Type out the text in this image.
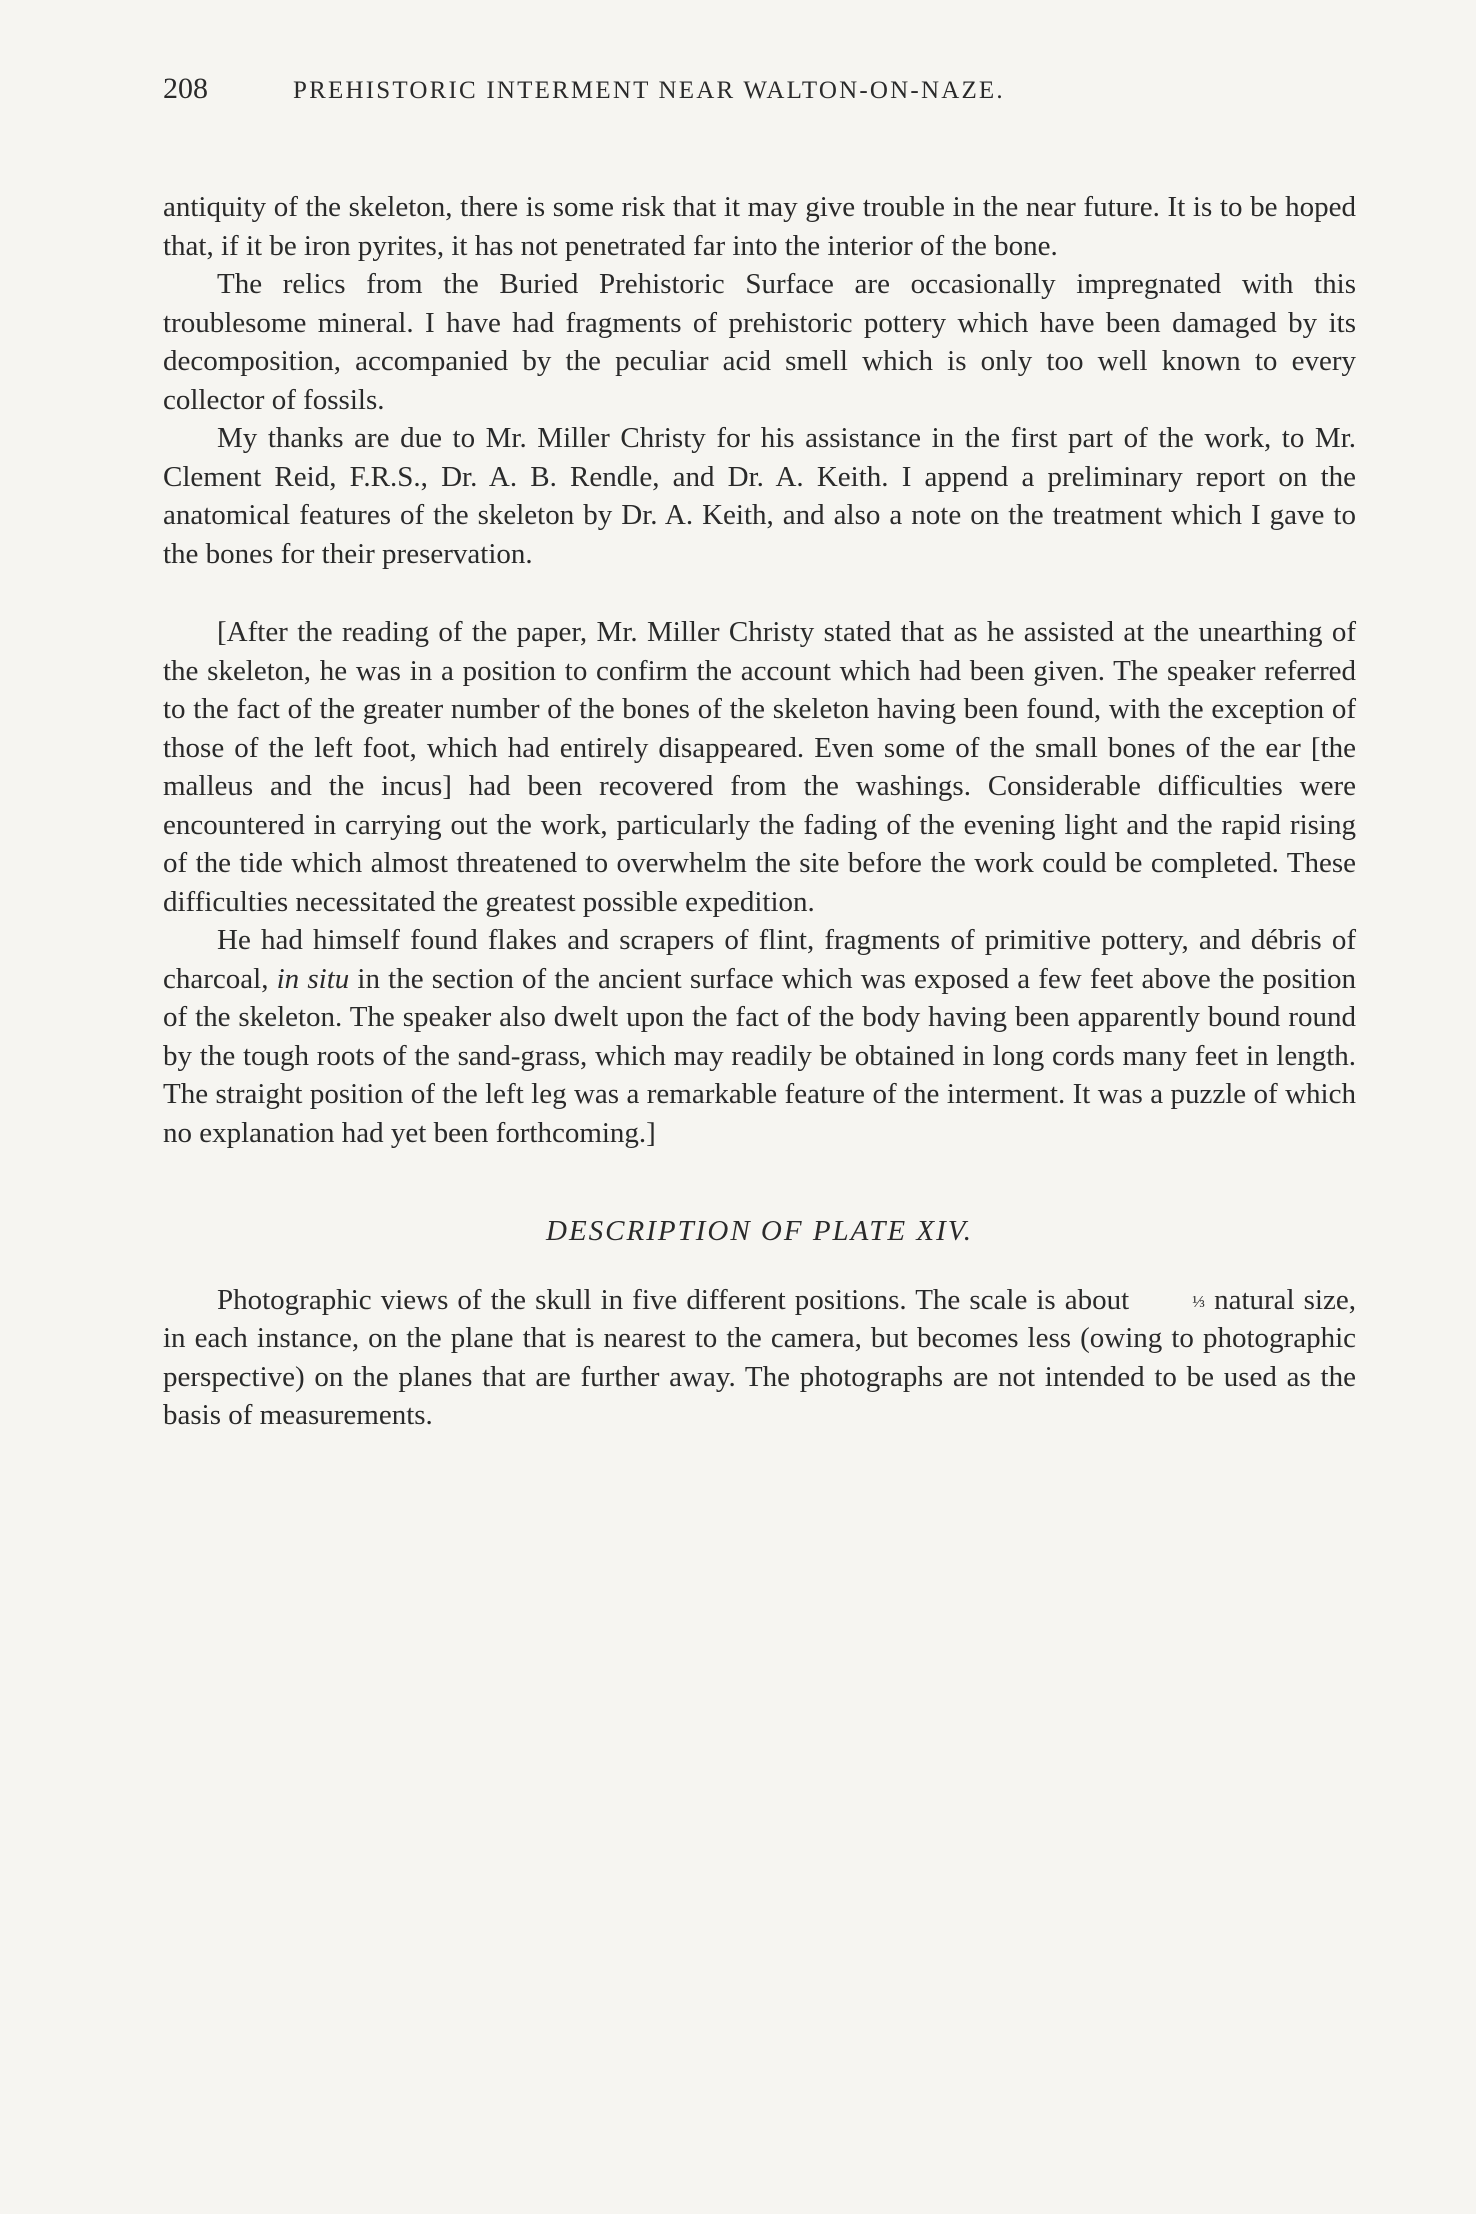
208	PREHISTORIC INTERMENT NEAR WALTON-ON-NAZE.

antiquity of the skeleton, there is some risk that it may give trouble in the near future. It is to be hoped that, if it be iron pyrites, it has not penetrated far into the interior of the bone.

The relics from the Buried Prehistoric Surface are occasionally impregnated with this troublesome mineral. I have had fragments of prehistoric pottery which have been damaged by its decomposition, accompanied by the peculiar acid smell which is only too well known to every collector of fossils.

My thanks are due to Mr. Miller Christy for his assistance in the first part of the work, to Mr. Clement Reid, F.R.S., Dr. A. B. Rendle, and Dr. A. Keith. I append a preliminary report on the anatomical features of the skeleton by Dr. A. Keith, and also a note on the treatment which I gave to the bones for their preservation.

[After the reading of the paper, Mr. Miller Christy stated that as he assisted at the unearthing of the skeleton, he was in a position to confirm the account which had been given. The speaker referred to the fact of the greater number of the bones of the skeleton having been found, with the exception of those of the left foot, which had entirely disappeared. Even some of the small bones of the ear [the malleus and the incus] had been recovered from the washings. Considerable difficulties were encountered in carrying out the work, particularly the fading of the evening light and the rapid rising of the tide which almost threatened to overwhelm the site before the work could be completed. These difficulties necessitated the greatest possible expedition.

He had himself found flakes and scrapers of flint, fragments of primitive pottery, and débris of charcoal, in situ in the section of the ancient surface which was exposed a few feet above the position of the skeleton. The speaker also dwelt upon the fact of the body having been apparently bound round by the tough roots of the sand-grass, which may readily be obtained in long cords many feet in length. The straight position of the left leg was a remarkable feature of the interment. It was a puzzle of which no explanation had yet been forthcoming.]

DESCRIPTION OF PLATE XIV.

Photographic views of the skull in five different positions. The scale is about	⅓ natural size, in each instance, on the plane that is nearest to the camera, but becomes less (owing to photographic perspective) on the planes that are further away. The photographs are not intended to be used as the basis of measurements.
